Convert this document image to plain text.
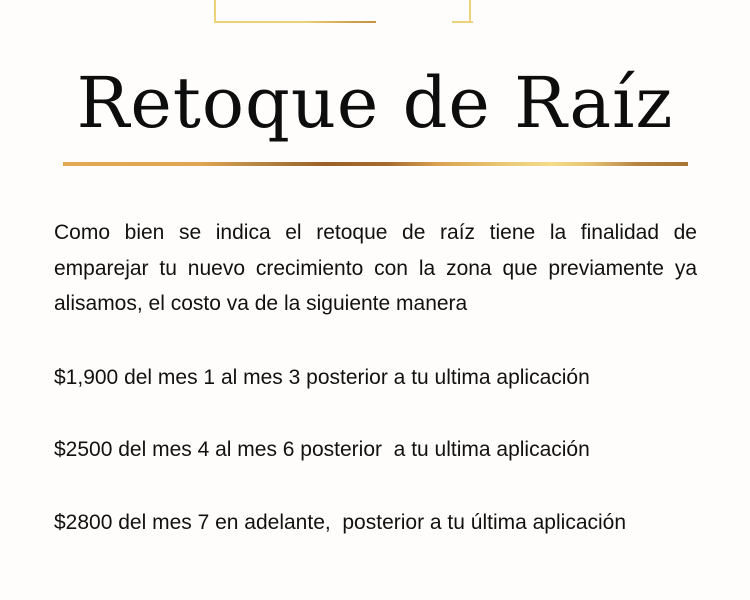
Retoque de Raíz

Como bien se indica el retoque de raíz tiene la finalidad de emparejar tu nuevo crecimiento con la zona que previamente ya alisamos, el costo va de la siguiente manera

$1,900 del mes 1 al mes 3 posterior a tu ultima aplicación

$2500 del mes 4 al mes 6 posterior  a tu ultima aplicación

$2800 del mes 7 en adelante,  posterior a tu última aplicación
